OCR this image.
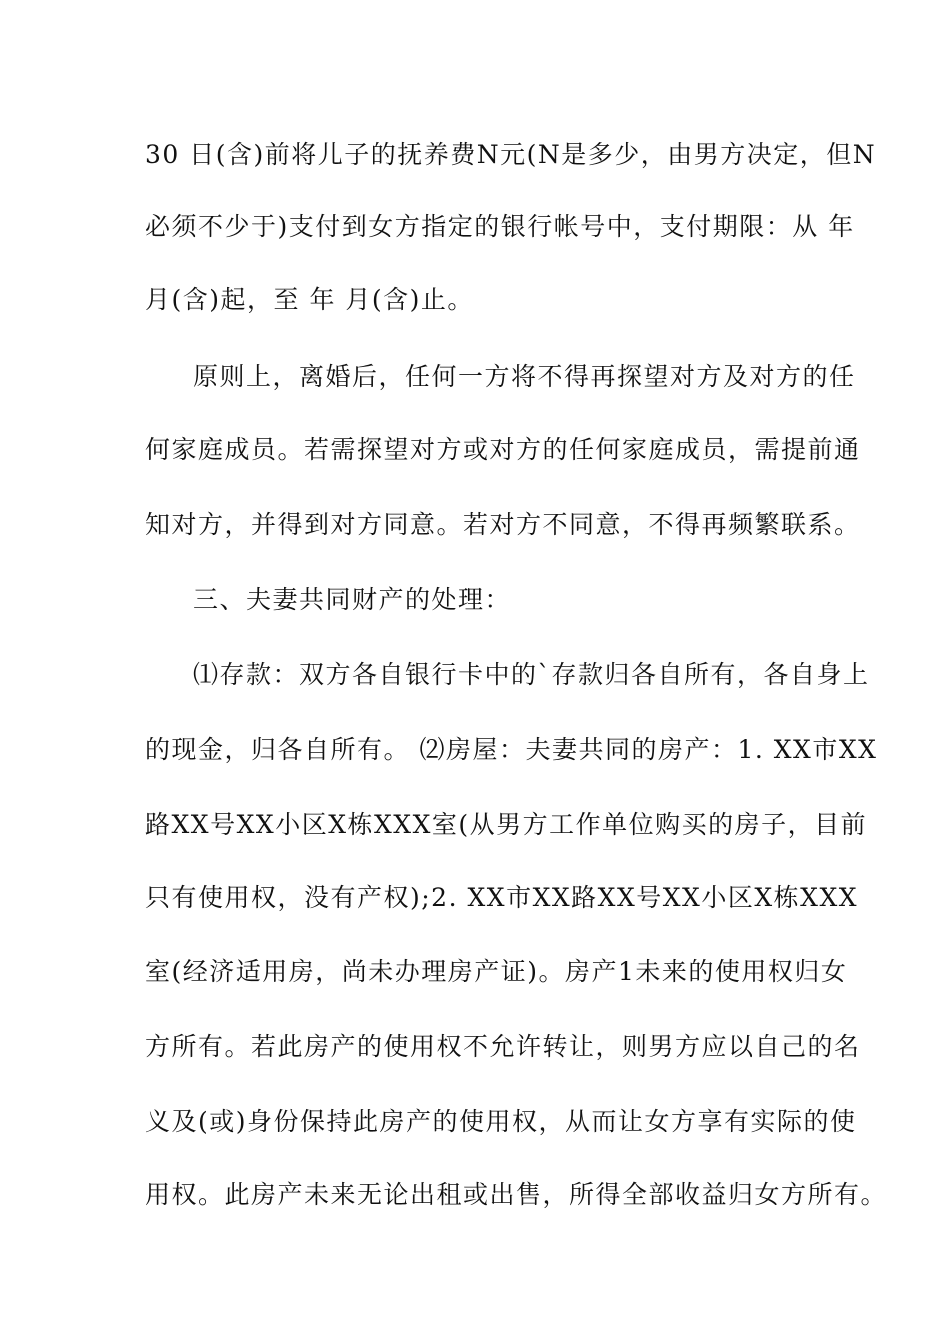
30 日(含)前将儿子的抚养费N元(N是多少，由男方决定，但N
必须不少于)支付到女方指定的银行帐号中，支付期限：从 年
月(含)起，至 年 月(含)止。
原则上，离婚后，任何一方将不得再探望对方及对方的任
何家庭成员。若需探望对方或对方的任何家庭成员，需提前通
知对方，并得到对方同意。若对方不同意，不得再频繁联系。
三、夫妻共同财产的处理：
⑴存款：双方各自银行卡中的`存款归各自所有，各自身上
的现金，归各自所有。 ⑵房屋：夫妻共同的房产：1. XX市XX
路XX号XX小区X栋XXX室(从男方工作单位购买的房子，目前
只有使用权，没有产权);2. XX市XX路XX号XX小区X栋XXX
室(经济适用房，尚未办理房产证)。房产1未来的使用权归女
方所有。若此房产的使用权不允许转让，则男方应以自己的名
义及(或)身份保持此房产的使用权，从而让女方享有实际的使
用权。此房产未来无论出租或出售，所得全部收益归女方所有。
